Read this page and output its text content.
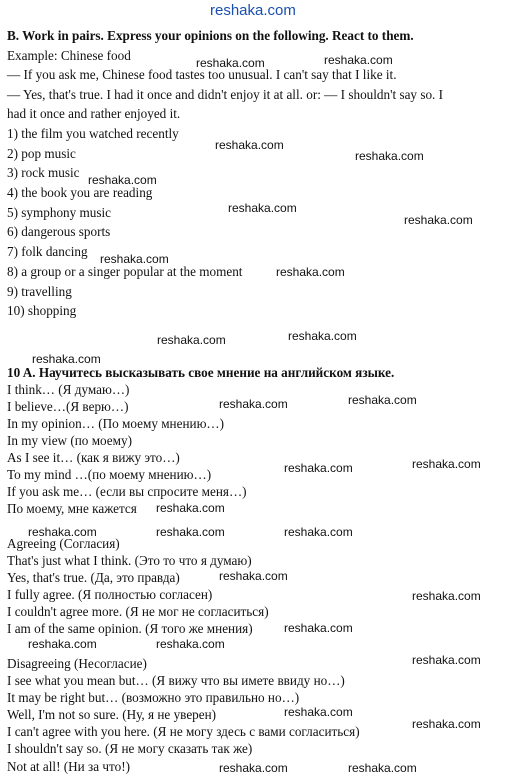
reshaka.com
B. Work in pairs. Express your opinions on the following. React to them.
Example: Chinese food
— If you ask me, Chinese food tastes too unusual. I can't say that I like it.
— Yes, that's true. I had it once and didn't enjoy it at all. or: — I shouldn't say so. I
had it once and rather enjoyed it.
1) the film you watched recently
2) pop music
3) rock music
4) the book you are reading
5) symphony music
6) dangerous sports
7) folk dancing
8) a group or a singer popular at the moment
9) travelling
10) shopping
10 A. Научитесь высказывать свое мнение на английском языке.
I think… (Я думаю…)
I believe…(Я верю…)
In my opinion… (По моему мнению…)
In my view (по моему)
As I see it… (как я вижу это…)
To my mind …(по моему мнению…)
If you ask me… (если вы спросите меня…)
По моему, мне кажется
Agreeing (Согласия)
That's just what I think. (Это то что я думаю)
Yes, that's true. (Да, это правда)
I fully agree. (Я полностью согласен)
I couldn't agree more. (Я не мог не согласиться)
I am of the same opinion. (Я того же мнения)
Disagreeing (Несогласие)
I see what you mean but… (Я вижу что вы имете ввиду но…)
It may be right but… (возможно это правильно но…)
Well, I'm not so sure. (Ну, я не уверен)
I can't agree with you here. (Я не могу здесь с вами согласиться)
I shouldn't say so. (Я не могу сказать так же)
Not at all! (Ни за что!)
reshaka.com	reshaka.com
reshaka.com
reshaka.com
reshaka.com
reshaka.com
reshaka.com
reshaka.com
reshaka.com
reshaka.com	reshaka.com
reshaka.com
reshaka.com	reshaka.com
reshaka.com	reshaka.com
reshaka.com
reshaka.com	reshaka.com	reshaka.com
reshaka.com
reshaka.com
reshaka.com
reshaka.com	reshaka.com
reshaka.com
reshaka.com
reshaka.com
reshaka.com	reshaka.com
